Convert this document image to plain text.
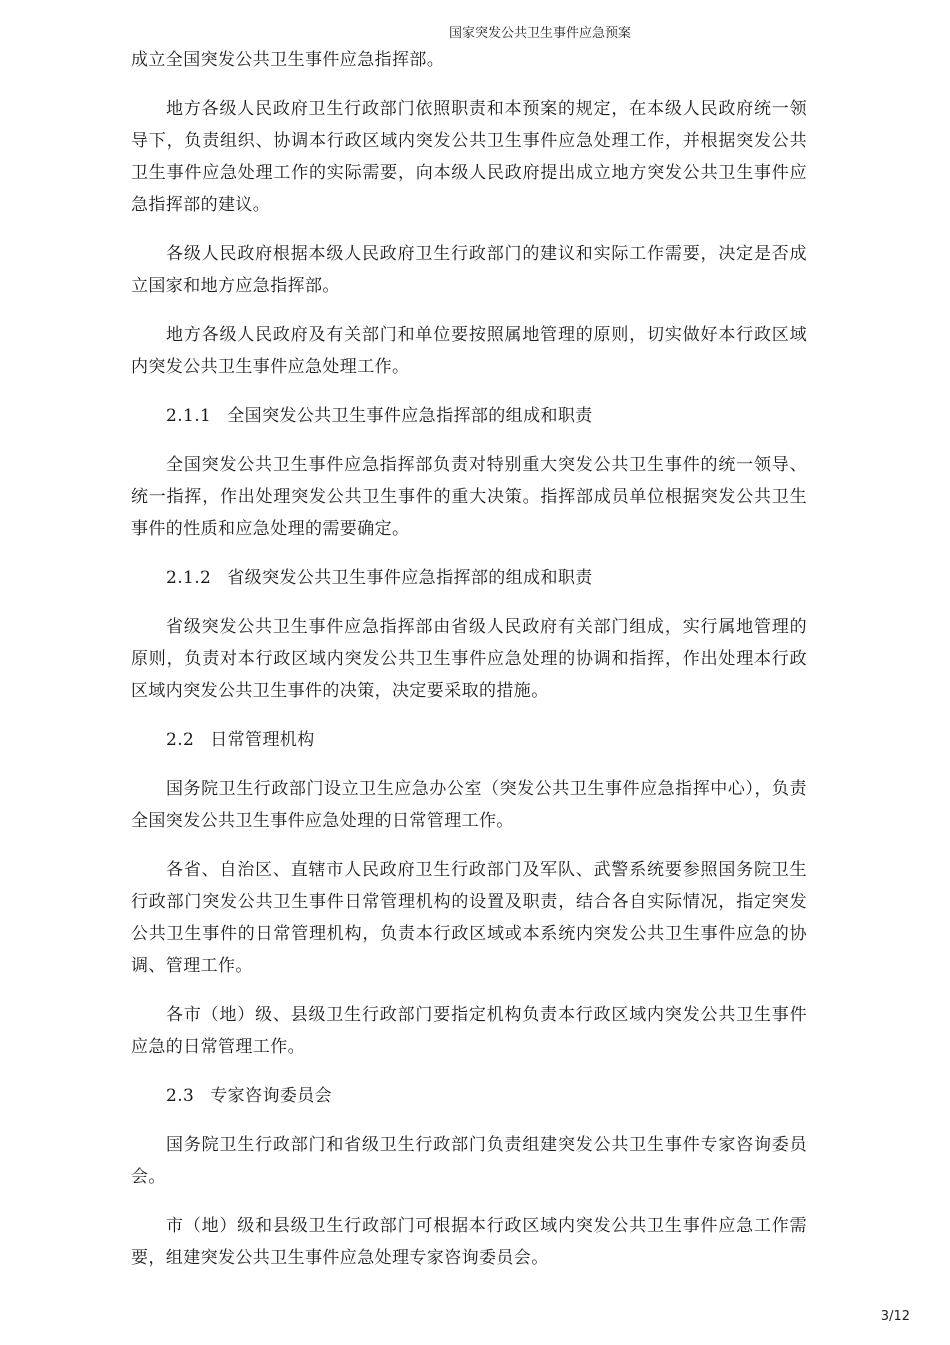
国家突发公共卫生事件应急预案

成立全国突发公共卫生事件应急指挥部。

地方各级人民政府卫生行政部门依照职责和本预案的规定，在本级人民政府统一领导下，负责组织、协调本行政区域内突发公共卫生事件应急处理工作，并根据突发公共卫生事件应急处理工作的实际需要，向本级人民政府提出成立地方突发公共卫生事件应急指挥部的建议。

各级人民政府根据本级人民政府卫生行政部门的建议和实际工作需要，决定是否成立国家和地方应急指挥部。

地方各级人民政府及有关部门和单位要按照属地管理的原则，切实做好本行政区域内突发公共卫生事件应急处理工作。

2.1.1 全国突发公共卫生事件应急指挥部的组成和职责

全国突发公共卫生事件应急指挥部负责对特别重大突发公共卫生事件的统一领导、统一指挥，作出处理突发公共卫生事件的重大决策。指挥部成员单位根据突发公共卫生事件的性质和应急处理的需要确定。

2.1.2 省级突发公共卫生事件应急指挥部的组成和职责

省级突发公共卫生事件应急指挥部由省级人民政府有关部门组成，实行属地管理的原则，负责对本行政区域内突发公共卫生事件应急处理的协调和指挥，作出处理本行政区域内突发公共卫生事件的决策，决定要采取的措施。

2.2 日常管理机构

国务院卫生行政部门设立卫生应急办公室（突发公共卫生事件应急指挥中心），负责全国突发公共卫生事件应急处理的日常管理工作。

各省、自治区、直辖市人民政府卫生行政部门及军队、武警系统要参照国务院卫生行政部门突发公共卫生事件日常管理机构的设置及职责，结合各自实际情况，指定突发公共卫生事件的日常管理机构，负责本行政区域或本系统内突发公共卫生事件应急的协调、管理工作。

各市（地）级、县级卫生行政部门要指定机构负责本行政区域内突发公共卫生事件应急的日常管理工作。

2.3 专家咨询委员会

国务院卫生行政部门和省级卫生行政部门负责组建突发公共卫生事件专家咨询委员会。

市（地）级和县级卫生行政部门可根据本行政区域内突发公共卫生事件应急工作需要，组建突发公共卫生事件应急处理专家咨询委员会。

3/12
